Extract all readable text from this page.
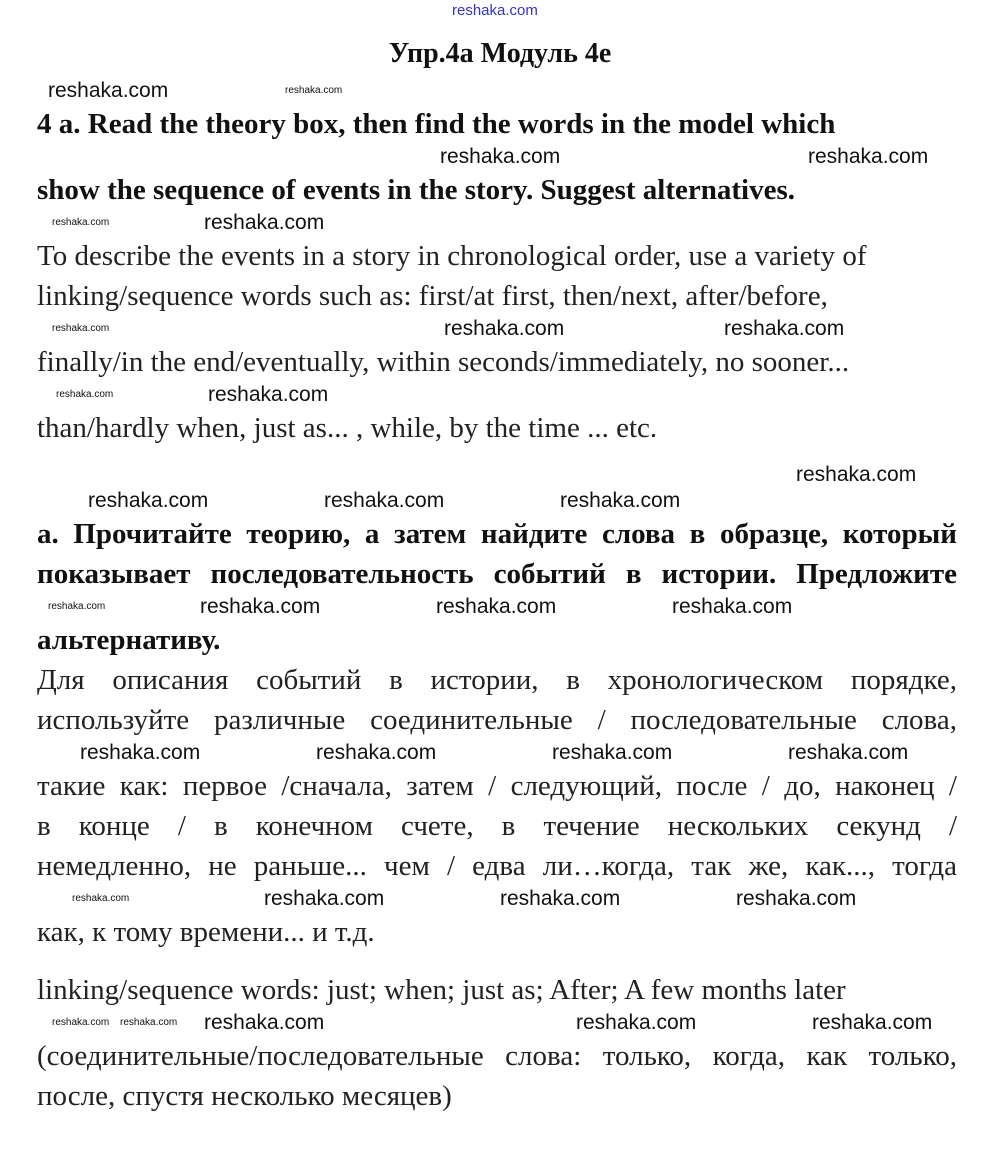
reshaka.com
Упр.4а Модуль 4е
reshaka.com	reshaka.com
4 a. Read the theory box, then find the words in the model which
reshaka.com	reshaka.com
show the sequence of events in the story. Suggest alternatives.
reshaka.com	reshaka.com
To describe the events in a story in chronological order, use a variety of
linking/sequence words such as: first/at first, then/next, after/before,
reshaka.com	reshaka.com	reshaka.com
finally/in the end/eventually, within seconds/immediately, no sooner...
reshaka.com	reshaka.com
than/hardly when, just as... , while, by the time ... etc.
reshaka.com
reshaka.com	reshaka.com	reshaka.com
а. Прочитайте теорию, а затем найдите слова в образце, который
показывает последовательность событий в истории. Предложите
reshaka.com	reshaka.com	reshaka.com	reshaka.com
альтернативу.
Для описания событий в истории, в хронологическом порядке,
используйте различные соединительные / последовательные слова,
reshaka.com	reshaka.com	reshaka.com	reshaka.com
такие как: первое /сначала, затем / следующий, после / до, наконец /
в конце / в конечном счете, в течение нескольких секунд /
немедленно, не раньше... чем / едва ли…когда, так же, как..., тогда
reshaka.com	reshaka.com	reshaka.com	reshaka.com
как, к тому времени... и т.д.
linking/sequence words: just; when; just as; After; A few months later
reshaka.com reshaka.com reshaka.com	reshaka.com	reshaka.com
(соединительные/последовательные слова: только, когда, как только,
после, спустя несколько месяцев)
